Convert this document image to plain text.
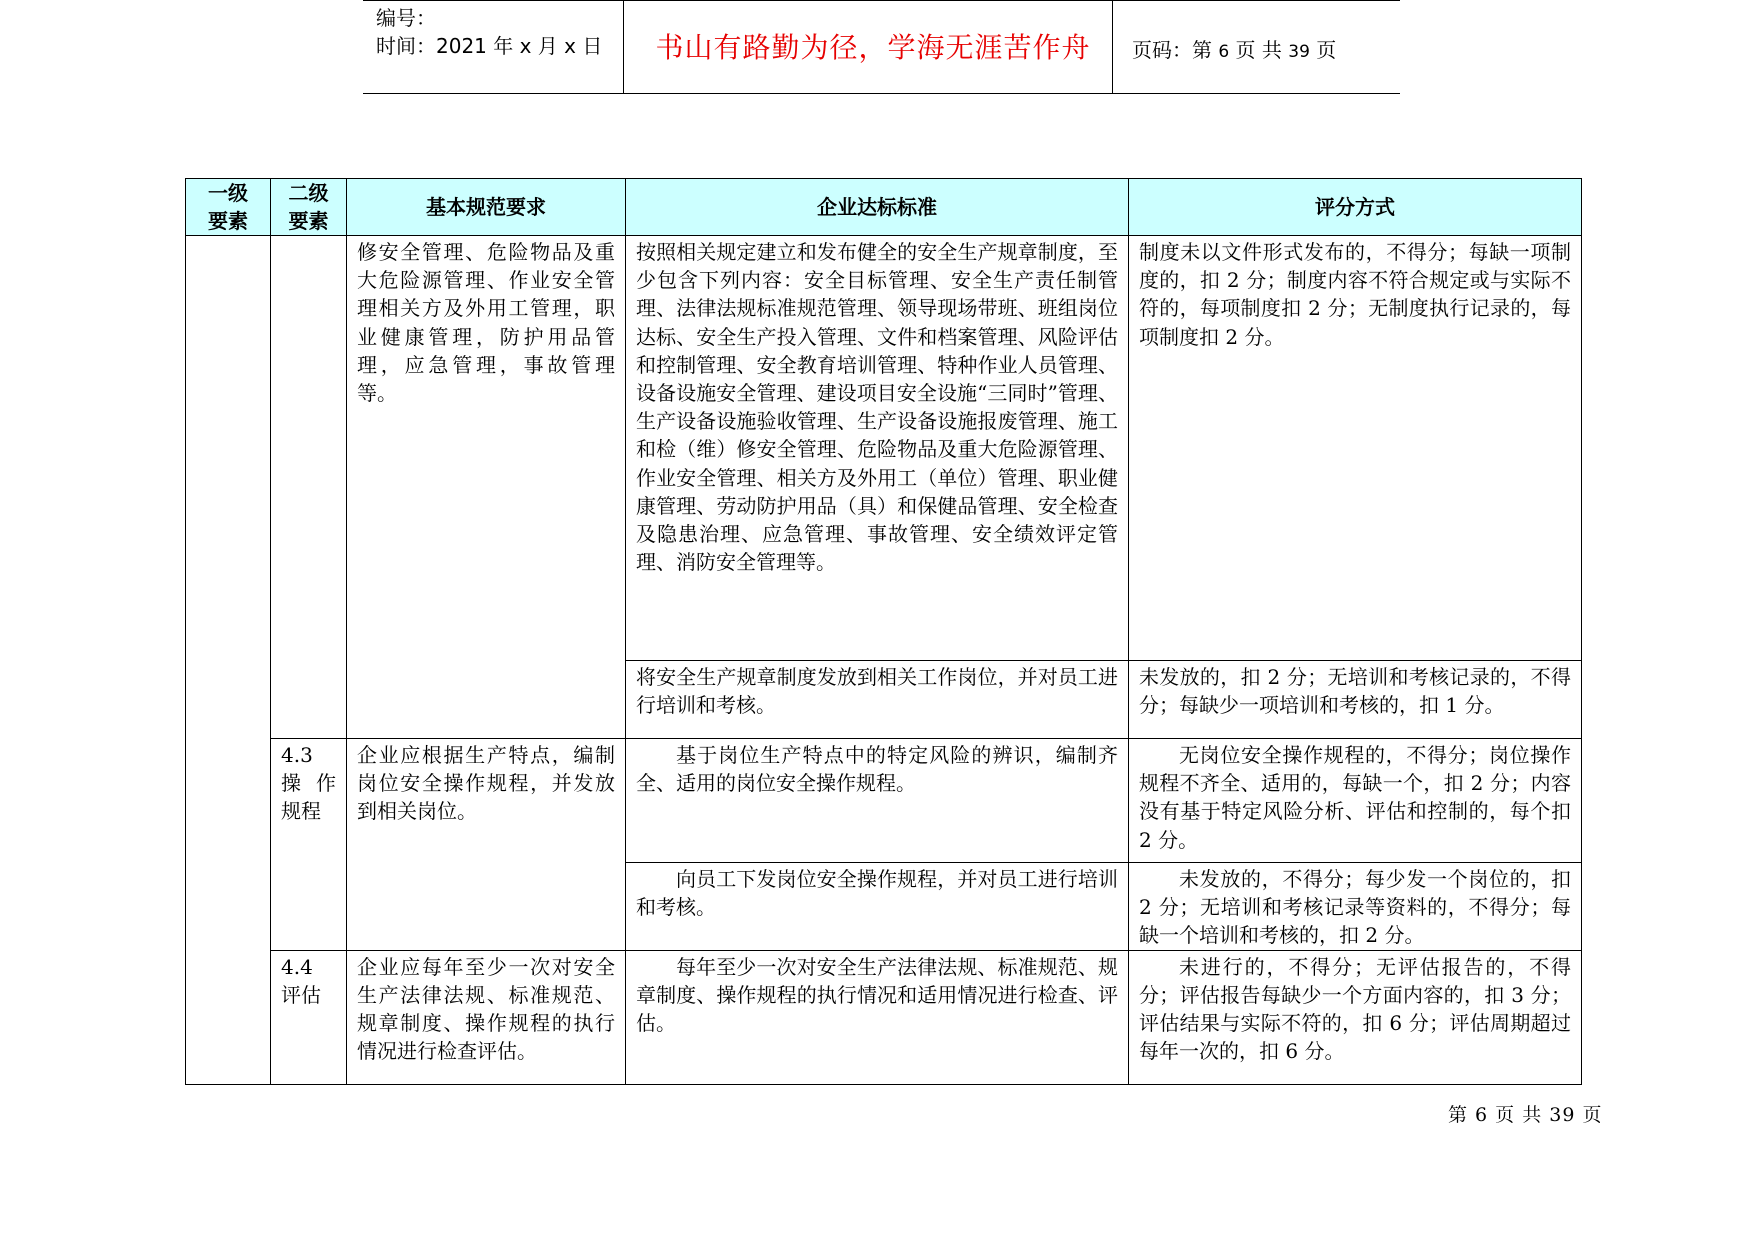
编号：
时间：2021 年 x 月 x 日	书山有路勤为径，学海无涯苦作舟	页码：第 6 页 共 39 页
一级要素	二级要素	基本规范要求	企业达标标准	评分方式
		修安全管理、危险物品及重大危险源管理、作业安全管理相关方及外用工管理，职业健康管理，防护用品管理，应急管理，事故管理等。	按照相关规定建立和发布健全的安全生产规章制度，至少包含下列内容：安全目标管理、安全生产责任制管理、法律法规标准规范管理、领导现场带班、班组岗位达标、安全生产投入管理、文件和档案管理、风险评估和控制管理、安全教育培训管理、特种作业人员管理、设备设施安全管理、建设项目安全设施“三同时”管理、生产设备设施验收管理、生产设备设施报废管理、施工和检（维）修安全管理、危险物品及重大危险源管理、作业安全管理、相关方及外用工（单位）管理、职业健康管理、劳动防护用品（具）和保健品管理、安全检查及隐患治理、应急管理、事故管理、安全绩效评定管理、消防安全管理等。	制度未以文件形式发布的，不得分；每缺一项制度的，扣 2 分；制度内容不符合规定或与实际不符的，每项制度扣 2 分；无制度执行记录的，每项制度扣 2 分。
			将安全生产规章制度发放到相关工作岗位，并对员工进行培训和考核。	未发放的，扣 2 分；无培训和考核记录的，不得分；每缺少一项培训和考核的，扣 1 分。
	4.3 操作规程	企业应根据生产特点，编制岗位安全操作规程，并发放到相关岗位。	基于岗位生产特点中的特定风险的辨识，编制齐全、适用的岗位安全操作规程。	无岗位安全操作规程的，不得分；岗位操作规程不齐全、适用的，每缺一个，扣 2 分；内容没有基于特定风险分析、评估和控制的，每个扣 2 分。
			向员工下发岗位安全操作规程，并对员工进行培训和考核。	未发放的，不得分；每少发一个岗位的，扣 2 分；无培训和考核记录等资料的，不得分；每缺一个培训和考核的，扣 2 分。
	4.4 评估	企业应每年至少一次对安全生产法律法规、标准规范、规章制度、操作规程的执行情况进行检查评估。	每年至少一次对安全生产法律法规、标准规范、规章制度、操作规程的执行情况和适用情况进行检查、评估。	未进行的，不得分；无评估报告的，不得分；评估报告每缺少一个方面内容的，扣 3 分；评估结果与实际不符的，扣 6 分；评估周期超过每年一次的，扣 6 分。
第 6 页 共 39 页
